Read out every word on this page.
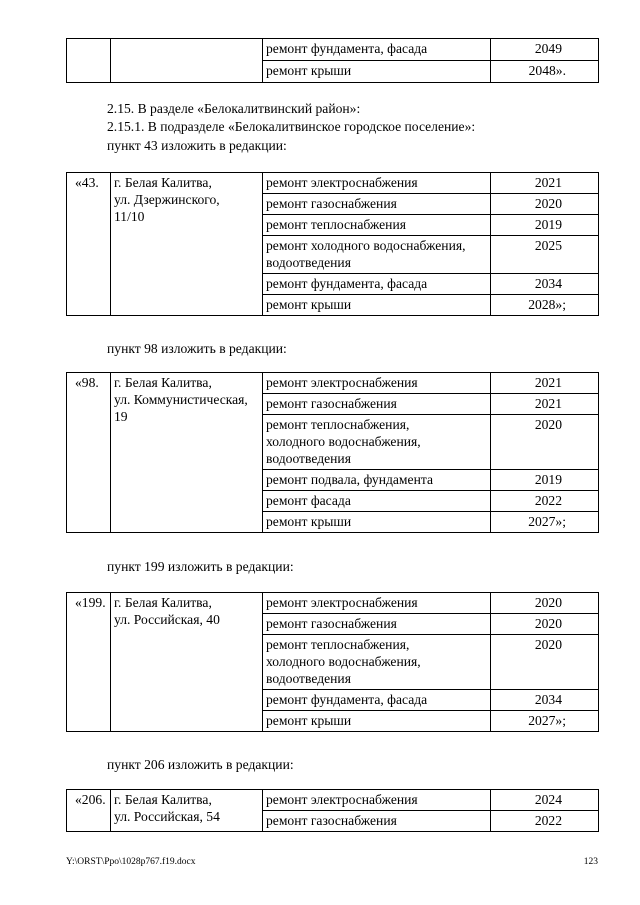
		ремонт фундамента, фасада	2049
		ремонт крыши	2048».
2.15. В разделе «Белокалитвинский район»:
2.15.1. В подразделе «Белокалитвинское городское поселение»:
пункт 43 изложить в редакции:
«43.	г. Белая Калитва,
ул. Дзержинского,
11/10	ремонт электроснабжения	2021

		ремонт газоснабжения	2020

		ремонт теплоснабжения	2019

		ремонт холодного водоснабжения,
водоотведения	2025

		ремонт фундамента, фасада	2034

		ремонт крыши	2028»;
пункт 98 изложить в редакции:
«98.	г. Белая Калитва,
ул. Коммунистическая,
19	ремонт электроснабжения	2021

		ремонт газоснабжения	2021

		ремонт теплоснабжения,
холодного водоснабжения,
водоотведения	2020

		ремонт подвала, фундамента	2019

		ремонт фасада	2022

		ремонт крыши	2027»;
пункт 199 изложить в редакции:
«199.	г. Белая Калитва,
ул. Российская, 40	ремонт электроснабжения	2020

		ремонт газоснабжения	2020

		ремонт теплоснабжения,
холодного водоснабжения,
водоотведения	2020

		ремонт фундамента, фасада	2034

		ремонт крыши	2027»;
пункт 206 изложить в редакции:
«206.	г. Белая Калитва,
ул. Российская, 54	ремонт электроснабжения	2024

		ремонт газоснабжения	2022
Y:\ORST\Ppo\1028p767.f19.docx	123
